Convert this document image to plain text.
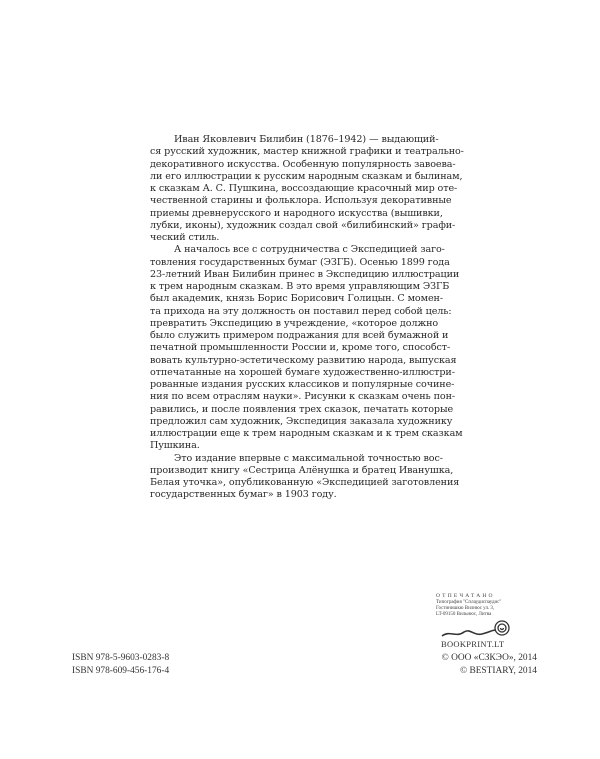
Иван Яковлевич Билибин (1876–1942) — выдающий-
ся русский художник, мастер книжной графики и театрально-
декоративного искусства. Особенную популярность завоева-
ли его иллюстрации к русским народным сказкам и былинам,
к сказкам А. С. Пушкина, воссоздающие красочный мир оте-
чественной старины и фольклора. Используя декоративные
приемы древнерусского и народного искусства (вышивки,
лубки, иконы), художник создал свой «билибинский» графи-
ческий стиль.
А началось все с сотрудничества с Экспедицией заго-
товления государственных бумаг (ЭЗГБ). Осенью 1899 года
23-летний Иван Билибин принес в Экспедицию иллюстрации
к трем народным сказкам. В это время управляющим ЭЗГБ
был академик, князь Борис Борисович Голицын. С момен-
та прихода на эту должность он поставил перед собой цель:
превратить Экспедицию в учреждение, «которое должно
было служить примером подражания для всей бумажной и
печатной промышленности России и, кроме того, способст-
вовать культурно-эстетическому развитию народа, выпуская
отпечатанные на хорошей бумаге художественно-иллюстри-
рованные издания русских классиков и популярные сочине-
ния по всем отраслям науки». Рисунки к сказкам очень пон-
равились, и после появления трех сказок, печатать которые
предложил сам художник, Экспедиция заказала художнику
иллюстрации еще к трем народным сказкам и к трем сказкам
Пушкина.
Это издание впервые с максимальной точностью вос-
производит книгу «Сестрица Алёнушка и братец Иванушка,
Белая уточка», опубликованную «Экспедицией заготовления
государственных бумаг» в 1903 году.
ОТПЕЧАТАНО
Типография "Сплаудиспаудис"
Гостинишкю Вилнюс ул. 3,
LT-09150 Вильнюс, Литва
BOOKPRINT.LT
ISBN 978-5-9603-0283-8
ISBN 978-609-456-176-4
© ООО «СЗКЭО», 2014
© BESTIARY, 2014
